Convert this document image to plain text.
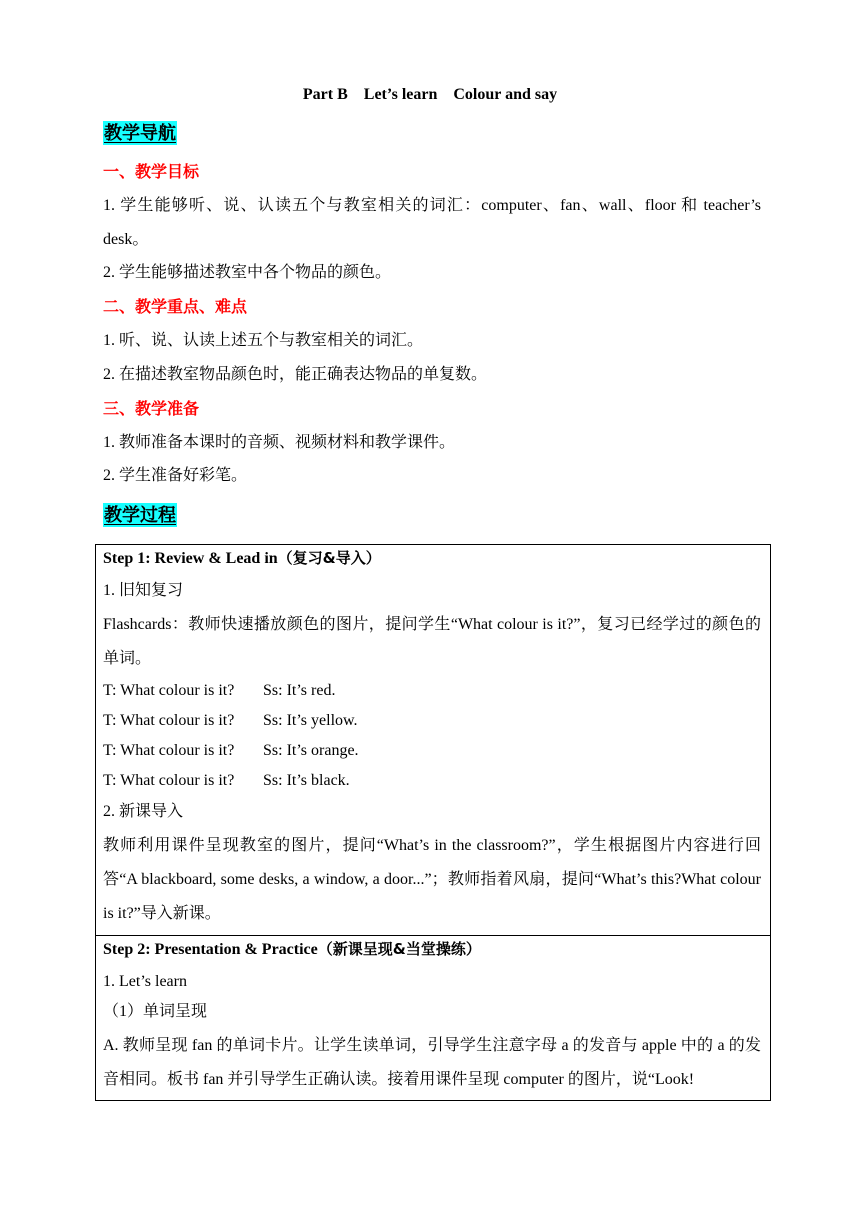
Part B Let’s learn Colour and say
教学导航
一、教学目标
1. 学生能够听、说、认读五个与教室相关的词汇：computer、fan、wall、floor 和 teacher’s desk。
2. 学生能够描述教室中各个物品的颜色。
二、教学重点、难点
1. 听、说、认读上述五个与教室相关的词汇。
2. 在描述教室物品颜色时，能正确表达物品的单复数。
三、教学准备
1. 教师准备本课时的音频、视频材料和教学课件。
2. 学生准备好彩笔。
教学过程
Step 1: Review & Lead in（复习&导入）
1. 旧知复习
Flashcards：教师快速播放颜色的图片，提问学生“What colour is it?”，复习已经学过的颜色的单词。
T: What colour is it? Ss: It’s red.
T: What colour is it? Ss: It’s yellow.
T: What colour is it? Ss: It’s orange.
T: What colour is it? Ss: It’s black.
2. 新课导入
教师利用课件呈现教室的图片，提问“What’s in the classroom?”，学生根据图片内容进行回答“A blackboard, some desks, a window, a door...”；教师指着风扇，提问“What’s this?What colour is it?”导入新课。
Step 2: Presentation & Practice（新课呈现&当堂操练）
1. Let’s learn
（1）单词呈现
A. 教师呈现 fan 的单词卡片。让学生读单词，引导学生注意字母 a 的发音与 apple 中的 a 的发音相同。板书 fan 并引导学生正确认读。接着用课件呈现 computer 的图片，说“Look!
